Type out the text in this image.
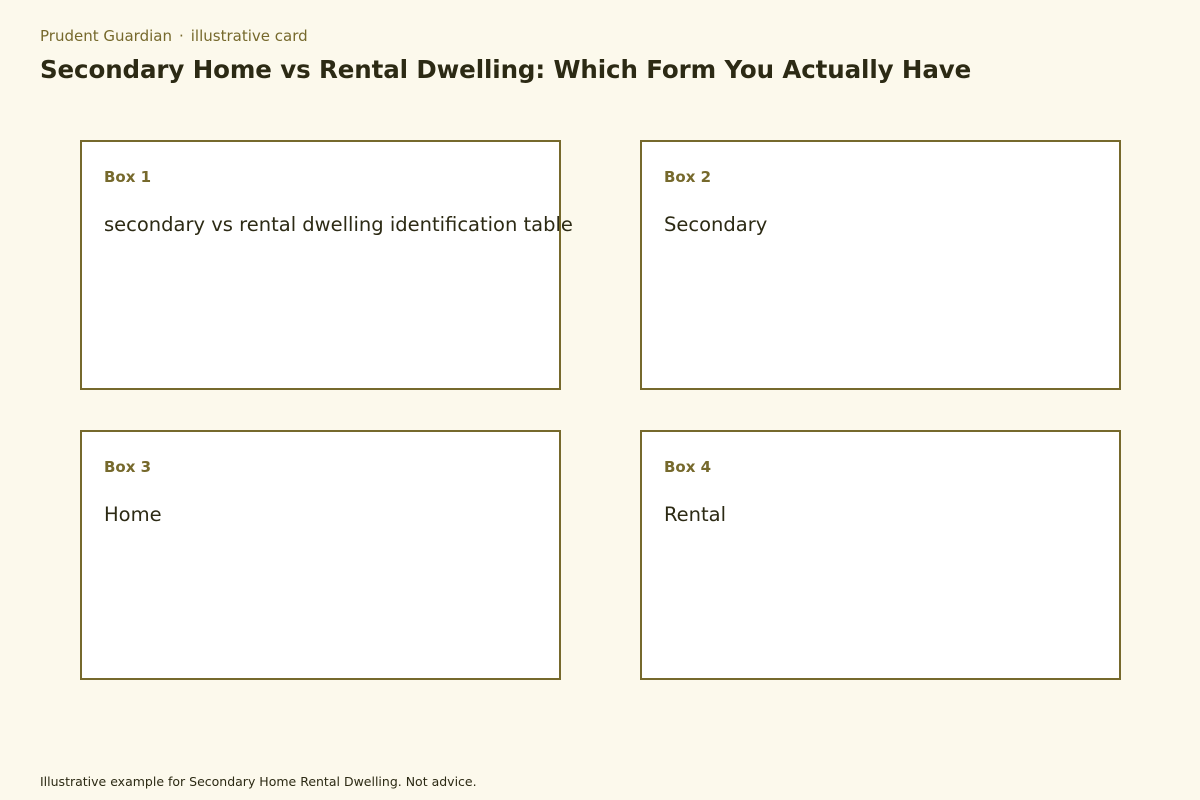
Prudent Guardian · illustrative card

Secondary Home vs Rental Dwelling: Which Form You Actually Have
Box 1
secondary vs rental dwelling identification table
Box 2
Secondary
Box 3
Home
Box 4
Rental

Illustrative example for Secondary Home Rental Dwelling. Not advice.
